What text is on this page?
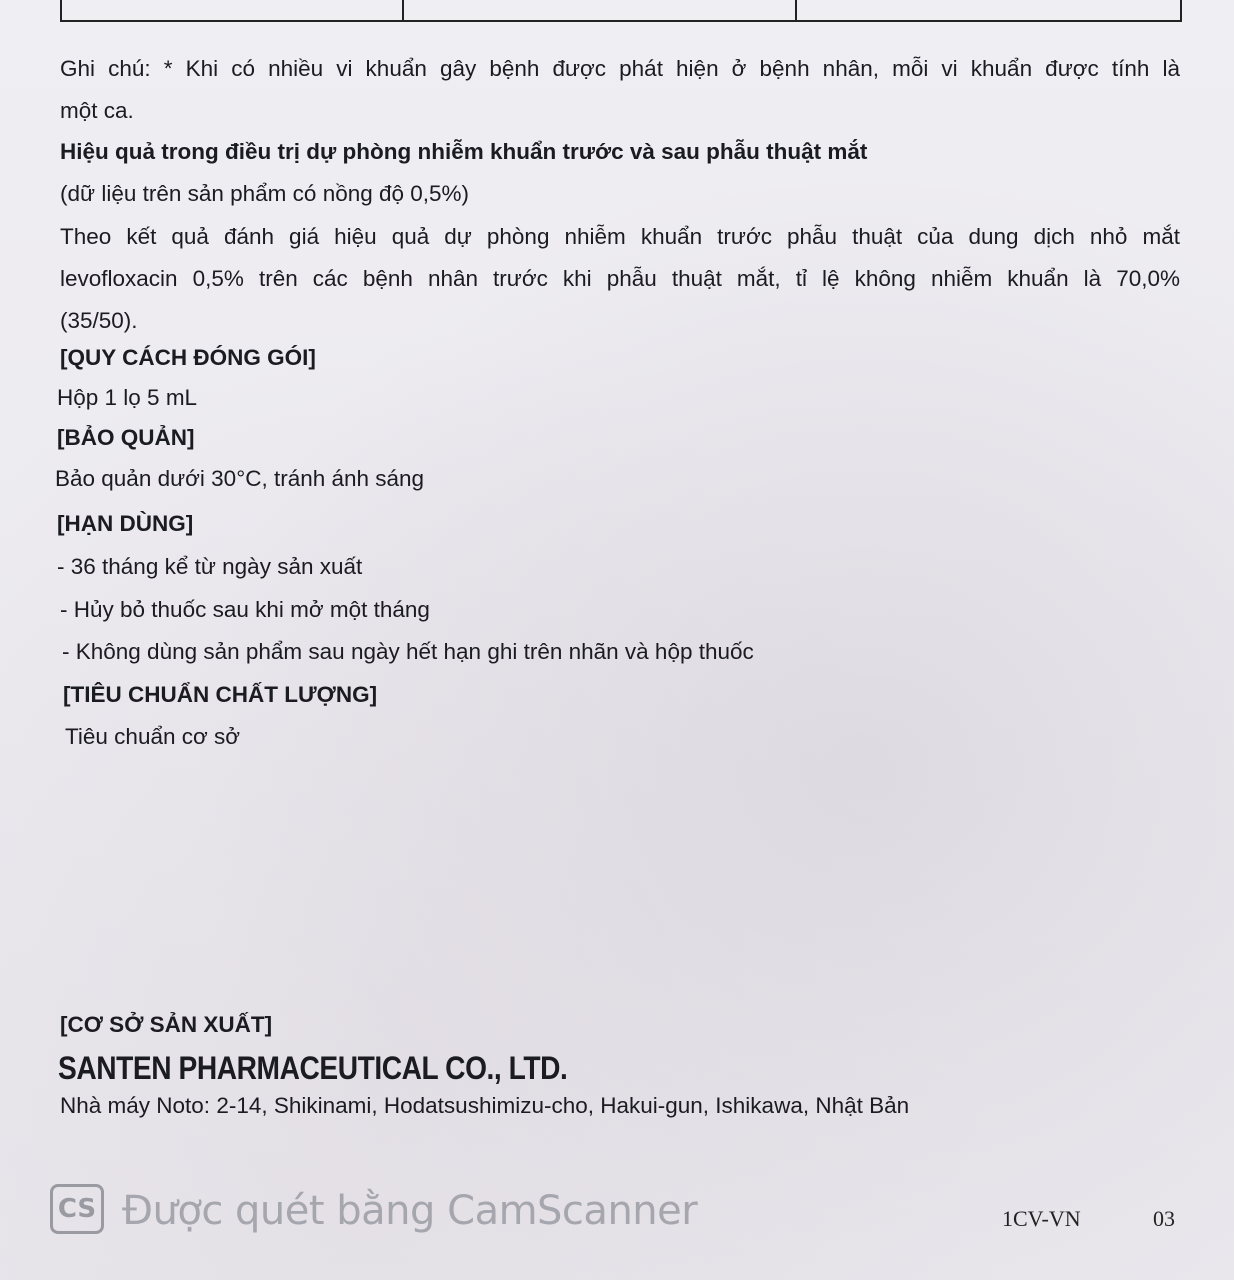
Ghi chú: * Khi có nhiều vi khuẩn gây bệnh được phát hiện ở bệnh nhân, mỗi vi khuẩn được tính là
một ca.
Hiệu quả trong điều trị dự phòng nhiễm khuẩn trước và sau phẫu thuật mắt
(dữ liệu trên sản phẩm có nồng độ 0,5%)
Theo kết quả đánh giá hiệu quả dự phòng nhiễm khuẩn trước phẫu thuật của dung dịch nhỏ mắt
levofloxacin 0,5% trên các bệnh nhân trước khi phẫu thuật mắt, tỉ lệ không nhiễm khuẩn là 70,0%
(35/50).
[QUY CÁCH ĐÓNG GÓI]
Hộp 1 lọ 5 mL
[BẢO QUẢN]
Bảo quản dưới 30°C, tránh ánh sáng
[HẠN DÙNG]
- 36 tháng kể từ ngày sản xuất
- Hủy bỏ thuốc sau khi mở một tháng
- Không dùng sản phẩm sau ngày hết hạn ghi trên nhãn và hộp thuốc
[TIÊU CHUẨN CHẤT LƯỢNG]
Tiêu chuẩn cơ sở
[CƠ SỞ SẢN XUẤT]
SANTEN PHARMACEUTICAL CO., LTD.
Nhà máy Noto: 2-14, Shikinami, Hodatsushimizu-cho, Hakui-gun, Ishikawa, Nhật Bản
CS Được quét bằng CamScanner	1CV-VN	03
